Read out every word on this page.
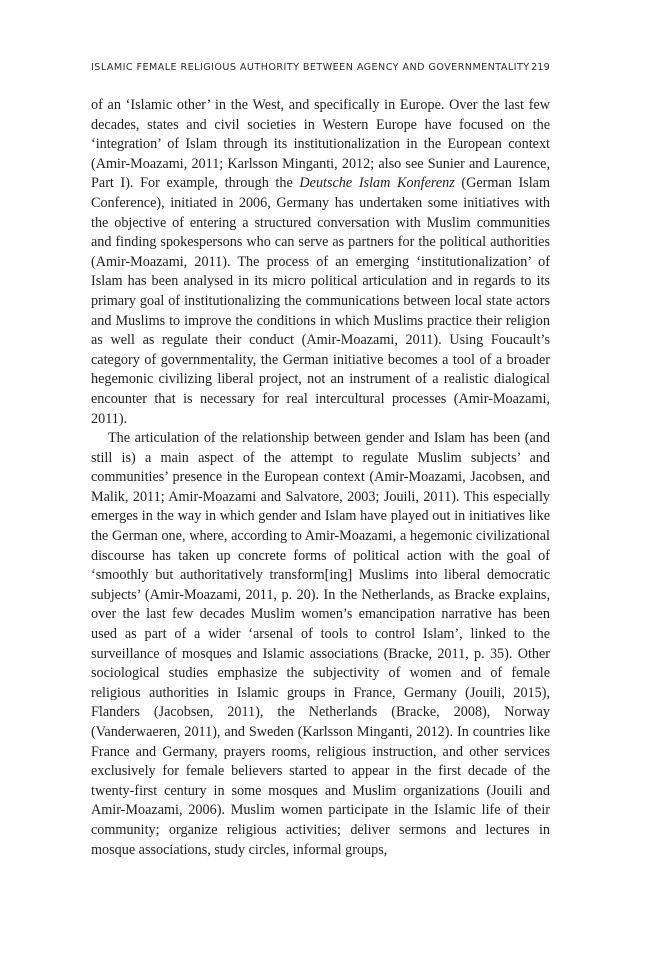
ISLAMIC FEMALE RELIGIOUS AUTHORITY BETWEEN AGENCY AND GOVERNMENTALITY 219

of an ‘Islamic other’ in the West, and specifically in Europe. Over the last few decades, states and civil societies in Western Europe have focused on the ‘integration’ of Islam through its institutionalization in the European context (Amir-Moazami, 2011; Karlsson Minganti, 2012; also see Sunier and Laurence, Part I). For example, through the Deutsche Islam Konferenz (German Islam Conference), initiated in 2006, Germany has undertaken some initiatives with the objective of entering a structured conversation with Muslim communities and finding spokespersons who can serve as partners for the political authorities (Amir-Moazami, 2011). The process of an emerging ‘institutionalization’ of Islam has been analysed in its micro political articulation and in regards to its primary goal of institutionalizing the communications between local state actors and Muslims to improve the conditions in which Muslims practice their religion as well as regulate their conduct (Amir-Moazami, 2011). Using Foucault’s category of governmentality, the German initiative becomes a tool of a broader hegemonic civilizing liberal project, not an instrument of a realistic dialogical encounter that is necessary for real intercultural processes (Amir-Moazami, 2011).

The articulation of the relationship between gender and Islam has been (and still is) a main aspect of the attempt to regulate Muslim subjects’ and communities’ presence in the European context (Amir-Moazami, Jacobsen, and Malik, 2011; Amir-Moazami and Salvatore, 2003; Jouili, 2011). This especially emerges in the way in which gender and Islam have played out in initiatives like the German one, where, according to Amir-Moazami, a hegemonic civilizational discourse has taken up concrete forms of political action with the goal of ‘smoothly but authoritatively transform[ing] Muslims into liberal democratic subjects’ (Amir-Moazami, 2011, p. 20). In the Netherlands, as Bracke explains, over the last few decades Muslim women’s emancipation narrative has been used as part of a wider ‘arsenal of tools to control Islam’, linked to the surveillance of mosques and Islamic associations (Bracke, 2011, p. 35). Other sociological studies emphasize the subjectivity of women and of female religious authorities in Islamic groups in France, Germany (Jouili, 2015), Flanders (Jacobsen, 2011), the Netherlands (Bracke, 2008), Norway (Vanderwaeren, 2011), and Sweden (Karlsson Minganti, 2012). In countries like France and Germany, prayers rooms, religious instruction, and other services exclusively for female believers started to appear in the first decade of the twenty-first century in some mosques and Muslim organizations (Jouili and Amir-Moazami, 2006). Muslim women participate in the Islamic life of their community; organize religious activities; deliver sermons and lectures in mosque associations, study circles, informal groups,
